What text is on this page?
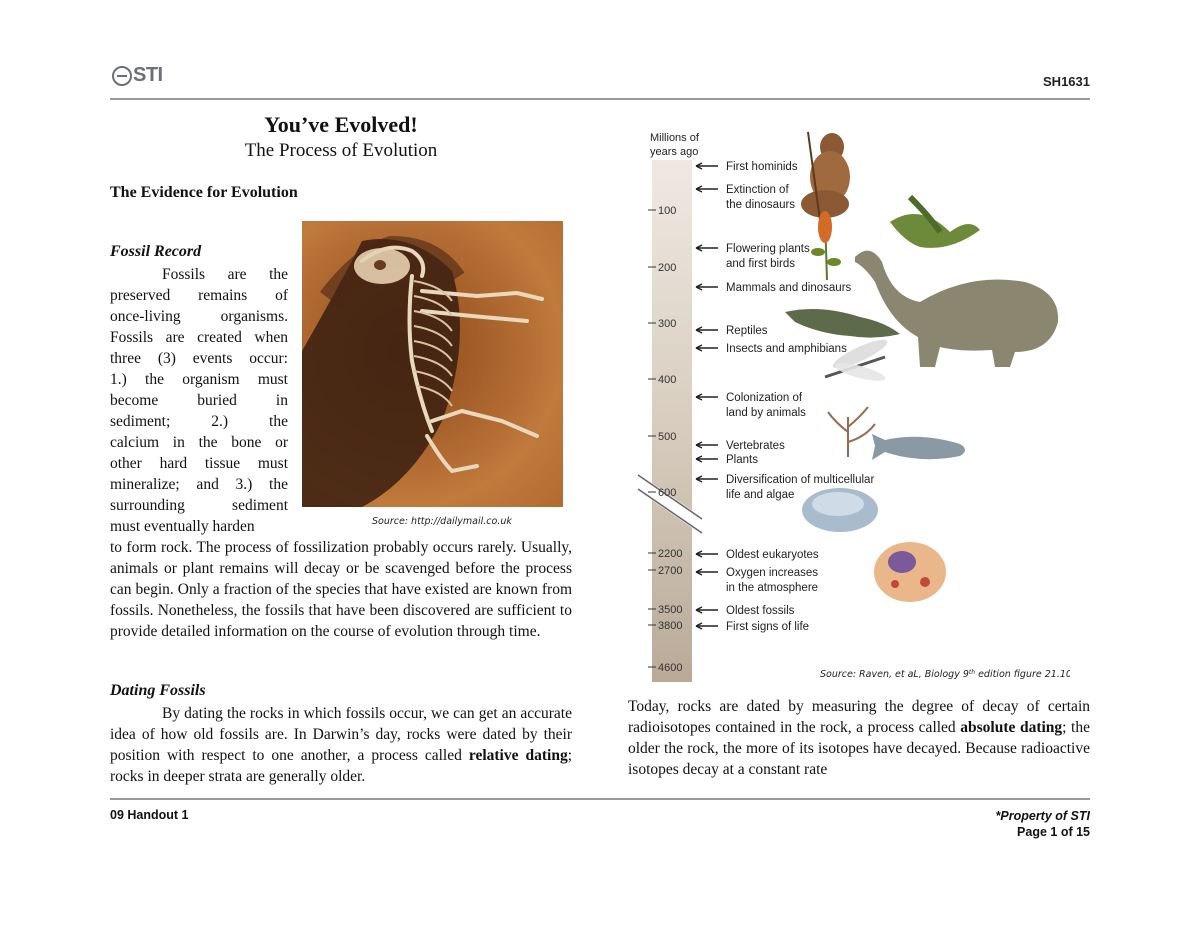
STI	SH1631
You’ve Evolved!
The Process of Evolution
The Evidence for Evolution
Fossil Record
Fossils are the
preserved remains of
once-living organisms.
Fossils are created when
three (3) events occur:
1.) the organism must
become buried in
sediment; 2.) the
calcium in the bone or
other hard tissue must
mineralize; and 3.) the
surrounding sediment
must eventually harden	Source: http://dailymail.co.uk
to form rock. The process of fossilization probably occurs rarely. Usually, animals or plant remains will decay or be scavenged before the process can begin. Only a fraction of the species that have existed are known from fossils. Nonetheless, the fossils that have been discovered are sufficient to provide detailed information on the course of evolution through time.
Dating Fossils
By dating the rocks in which fossils occur, we can get an accurate idea of how old fossils are. In Darwin’s day, rocks were dated by their position with respect to one another, a process called relative dating; rocks in deeper strata are generally older.
Millions of
years ago
100
200
300
400
500
600
2200
2700
3500
3800
4600
First hominids
Extinction of
the dinosaurs
Flowering plants
and first birds
Mammals and dinosaurs
Reptiles
Insects and amphibians
Colonization of
land by animals
Vertebrates
Plants
Diversification of multicellular
life and algae
Oldest eukaryotes
Oxygen increases
in the atmosphere
Oldest fossils
First signs of life
Source: Raven, et aL, Biology 9th edition figure 21.10
Today, rocks are dated by measuring the degree of decay of certain radioisotopes contained in the rock, a process called absolute dating; the older the rock, the more of its isotopes have decayed. Because radioactive isotopes decay at a constant rate
09 Handout 1	*Property of STI
Page 1 of 15
